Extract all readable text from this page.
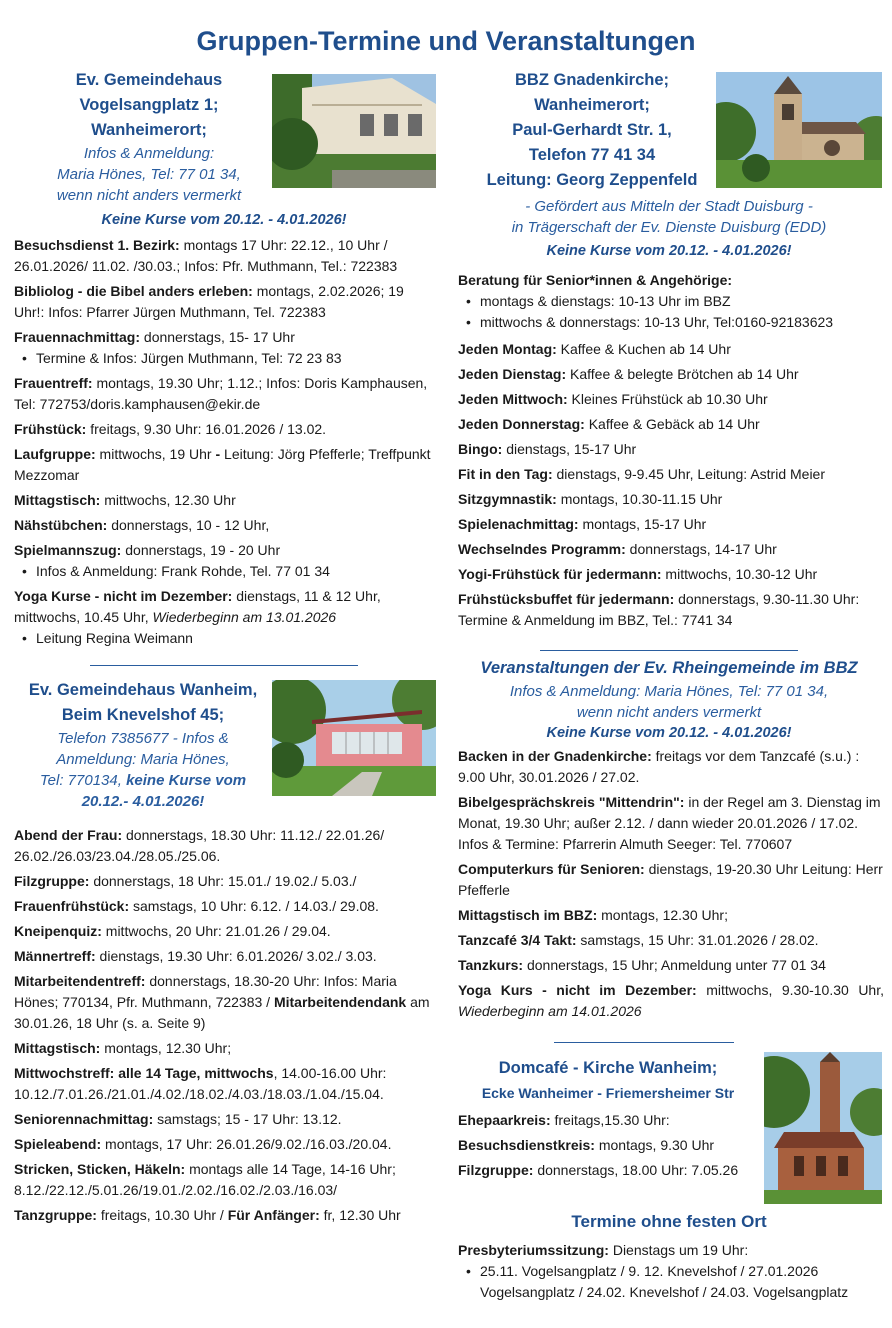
Gruppen-Termine und Veranstaltungen
Ev. Gemeindehaus
Vogelsangplatz 1;
Wanheimerort;
Infos & Anmeldung:
Maria Hönes, Tel: 77 01 34,
wenn nicht anders vermerkt
Keine Kurse vom 20.12. - 4.01.2026!
Besuchsdienst 1. Bezirk: montags 17 Uhr: 22.12., 10 Uhr / 26.01.2026/ 11.02. /30.03.; Infos: Pfr. Muthmann, Tel.: 722383
Bibliolog - die Bibel anders erleben: montags, 2.02.2026; 19 Uhr!: Infos: Pfarrer Jürgen Muthmann, Tel. 722383
Frauennachmittag: donnerstags, 15- 17 Uhr
• Termine & Infos: Jürgen Muthmann, Tel: 72 23 83
Frauentreff: montags, 19.30 Uhr; 1.12.; Infos: Doris Kamphausen, Tel: 772753/doris.kamphausen@ekir.de
Frühstück: freitags, 9.30 Uhr: 16.01.2026 / 13.02.
Laufgruppe: mittwochs, 19 Uhr - Leitung: Jörg Pfefferle; Treffpunkt Mezzomar
Mittagstisch: mittwochs, 12.30 Uhr
Nähstübchen: donnerstags, 10 - 12 Uhr,
Spielmannszug: donnerstags, 19 - 20 Uhr
• Infos & Anmeldung: Frank Rohde, Tel. 77 01 34
Yoga Kurse - nicht im Dezember: dienstags, 11 & 12 Uhr, mittwochs, 10.45 Uhr, Wiederbeginn am 13.01.2026
• Leitung Regina Weimann
Ev. Gemeindehaus Wanheim,
Beim Knevelshof 45;
Telefon 7385677 - Infos &
Anmeldung: Maria Hönes,
Tel: 770134, keine Kurse vom
20.12.- 4.01.2026!
Abend der Frau: donnerstags, 18.30 Uhr: 11.12./ 22.01.26/ 26.02./26.03/23.04./28.05./25.06.
Filzgruppe: donnerstags, 18 Uhr: 15.01./ 19.02./ 5.03./
Frauenfrühstück: samstags, 10 Uhr: 6.12. / 14.03./ 29.08.
Kneipenquiz: mittwochs, 20 Uhr: 21.01.26 / 29.04.
Männertreff: dienstags, 19.30 Uhr: 6.01.2026/ 3.02./ 3.03.
Mitarbeitendentreff: donnerstags, 18.30-20 Uhr: Infos: Maria Hönes; 770134, Pfr. Muthmann, 722383 / Mitarbeitendendank am 30.01.26, 18 Uhr (s. a. Seite 9)
Mittagstisch: montags, 12.30 Uhr;
Mittwochstreff: alle 14 Tage, mittwochs, 14.00-16.00 Uhr: 10.12./7.01.26./21.01./4.02./18.02./4.03./18.03./1.04./15.04.
Seniorennachmittag: samstags; 15 - 17 Uhr: 13.12.
Spieleabend: montags, 17 Uhr: 26.01.26/9.02./16.03./20.04.
Stricken, Sticken, Häkeln: montags alle 14 Tage, 14-16 Uhr; 8.12./22.12./5.01.26/19.01./2.02./16.02./2.03./16.03/
Tanzgruppe: freitags, 10.30 Uhr / Für Anfänger: fr, 12.30 Uhr
BBZ Gnadenkirche;
Wanheimerort;
Paul-Gerhardt Str. 1,
Telefon 77 41 34
Leitung: Georg Zeppenfeld
- Gefördert aus Mitteln der Stadt Duisburg -
in Trägerschaft der Ev. Dienste Duisburg (EDD)
Keine Kurse vom 20.12. - 4.01.2026!
Beratung für Senior*innen & Angehörige:
• montags & dienstags: 10-13 Uhr im BBZ
• mittwochs & donnerstags: 10-13 Uhr, Tel:0160-92183623
Jeden Montag: Kaffee & Kuchen ab 14 Uhr
Jeden Dienstag: Kaffee & belegte Brötchen ab 14 Uhr
Jeden Mittwoch: Kleines Frühstück ab 10.30 Uhr
Jeden Donnerstag: Kaffee & Gebäck ab 14 Uhr
Bingo: dienstags, 15-17 Uhr
Fit in den Tag: dienstags, 9-9.45 Uhr, Leitung: Astrid Meier
Sitzgymnastik: montags, 10.30-11.15 Uhr
Spielenachmittag: montags, 15-17 Uhr
Wechselndes Programm: donnerstags, 14-17 Uhr
Yogi-Frühstück für jedermann: mittwochs, 10.30-12 Uhr
Frühstücksbuffet für jedermann: donnerstags, 9.30-11.30 Uhr: Termine & Anmeldung im BBZ, Tel.: 7741 34
Veranstaltungen der Ev. Rheingemeinde im BBZ
Infos & Anmeldung: Maria Hönes, Tel: 77 01 34,
wenn nicht anders vermerkt
Keine Kurse vom 20.12. - 4.01.2026!
Backen in der Gnadenkirche: freitags vor dem Tanzcafé (s.u.) : 9.00 Uhr, 30.01.2026 / 27.02.
Bibelgesprächskreis "Mittendrin": in der Regel am 3. Dienstag im Monat, 19.30 Uhr; außer 2.12. / dann wieder 20.01.2026 / 17.02. Infos & Termine: Pfarrerin Almuth Seeger: Tel. 770607
Computerkurs für Senioren: dienstags, 19-20.30 Uhr Leitung: Herr Pfefferle
Mittagstisch im BBZ: montags, 12.30 Uhr;
Tanzcafé 3/4 Takt: samstags, 15 Uhr: 31.01.2026 / 28.02.
Tanzkurs: donnerstags, 15 Uhr; Anmeldung unter 77 01 34
Yoga Kurs - nicht im Dezember: mittwochs, 9.30-10.30 Uhr, Wiederbeginn am 14.01.2026
Domcafé - Kirche Wanheim;
Ecke Wanheimer - Friemersheimer Str
Ehepaarkreis: freitags,15.30 Uhr:
Besuchsdienstkreis: montags, 9.30 Uhr
Filzgruppe: donnerstags, 18.00 Uhr: 7.05.26
Termine ohne festen Ort
Presbyteriumssitzung: Dienstags um 19 Uhr:
• 25.11. Vogelsangplatz / 9. 12. Knevelshof / 27.01.2026
Vogelsangplatz / 24.02. Knevelshof / 24.03. Vogelsangplatz
